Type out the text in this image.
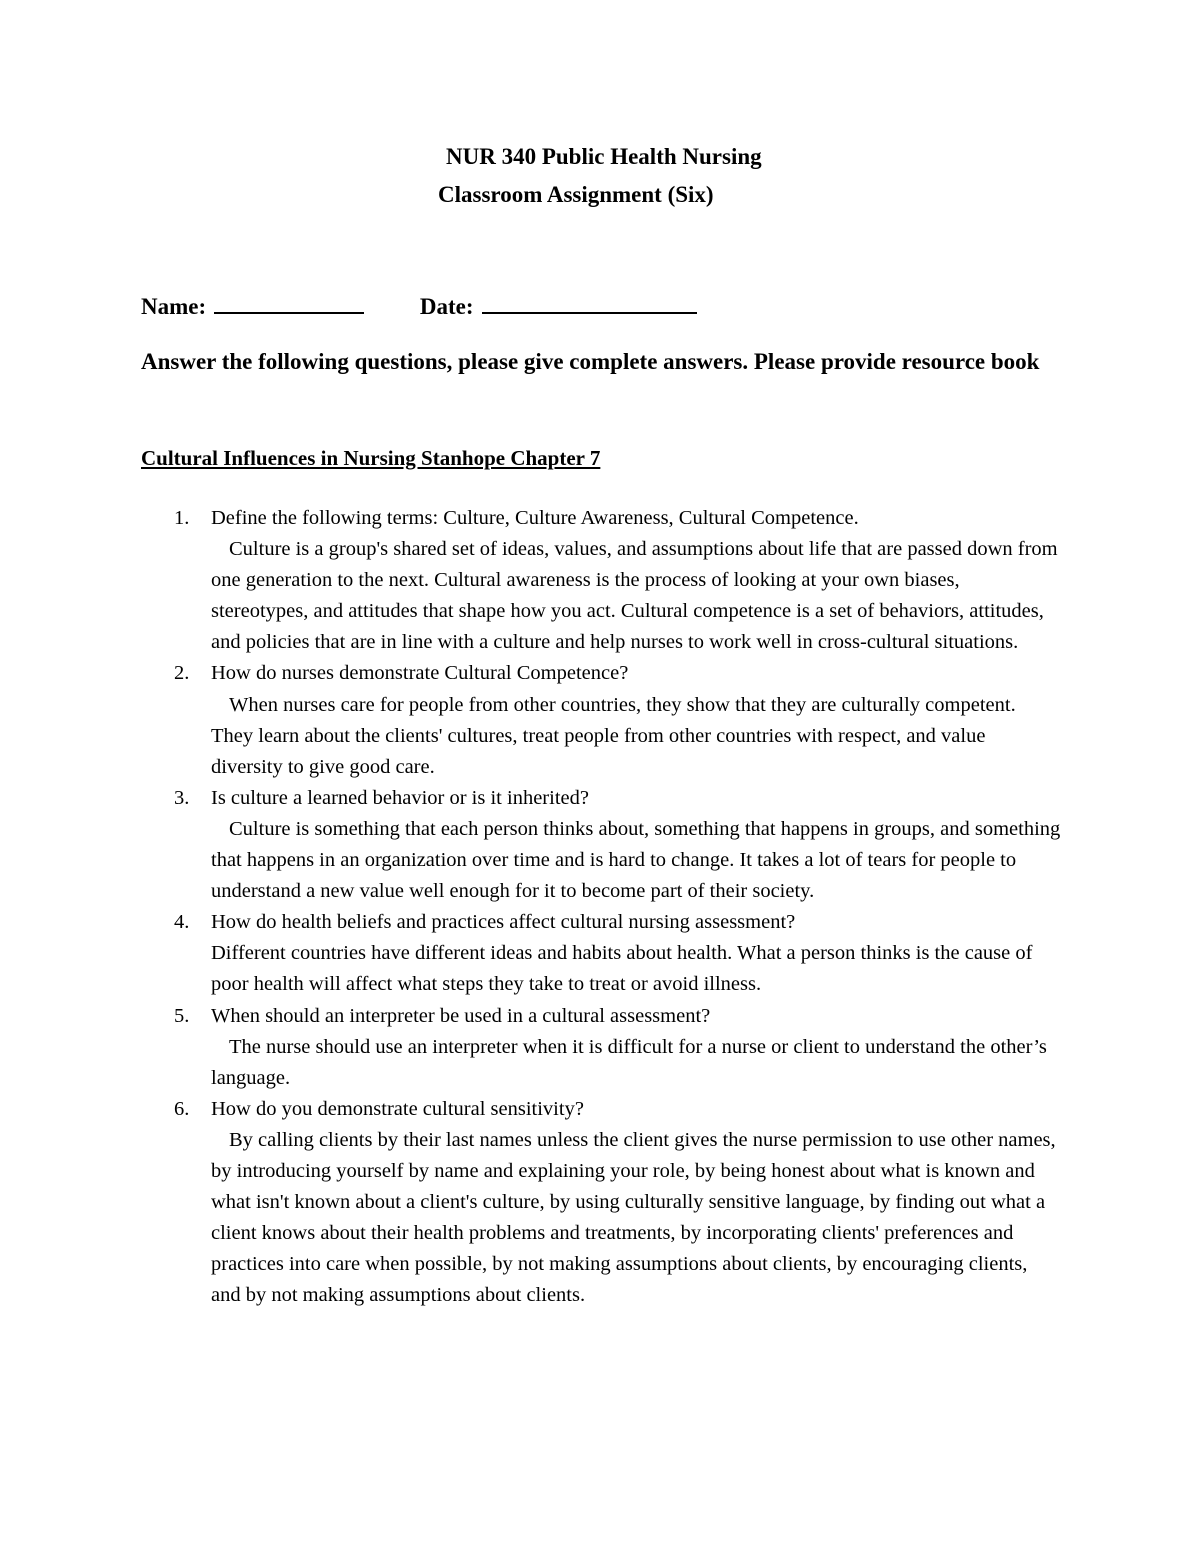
NUR 340 Public Health Nursing
Classroom Assignment (Six)
Name:	Date:

Answer the following questions, please give complete answers. Please provide resource book

Cultural Influences in Nursing Stanhope Chapter 7

1. Define the following terms: Culture, Culture Awareness, Cultural Competence.
Culture is a group's shared set of ideas, values, and assumptions about life that are passed down from one generation to the next. Cultural awareness is the process of looking at your own biases, stereotypes, and attitudes that shape how you act. Cultural competence is a set of behaviors, attitudes, and policies that are in line with a culture and help nurses to work well in cross-cultural situations.
2. How do nurses demonstrate Cultural Competence?
When nurses care for people from other countries, they show that they are culturally competent. They learn about the clients' cultures, treat people from other countries with respect, and value diversity to give good care.
3. Is culture a learned behavior or is it inherited?
Culture is something that each person thinks about, something that happens in groups, and something that happens in an organization over time and is hard to change. It takes a lot of tears for people to understand a new value well enough for it to become part of their society.
4. How do health beliefs and practices affect cultural nursing assessment?
Different countries have different ideas and habits about health. What a person thinks is the cause of poor health will affect what steps they take to treat or avoid illness.
5. When should an interpreter be used in a cultural assessment?
The nurse should use an interpreter when it is difficult for a nurse or client to understand the other’s language.
6. How do you demonstrate cultural sensitivity?
By calling clients by their last names unless the client gives the nurse permission to use other names, by introducing yourself by name and explaining your role, by being honest about what is known and what isn't known about a client's culture, by using culturally sensitive language, by finding out what a client knows about their health problems and treatments, by incorporating clients' preferences and practices into care when possible, by not making assumptions about clients, by encouraging clients, and by not making assumptions about clients.
